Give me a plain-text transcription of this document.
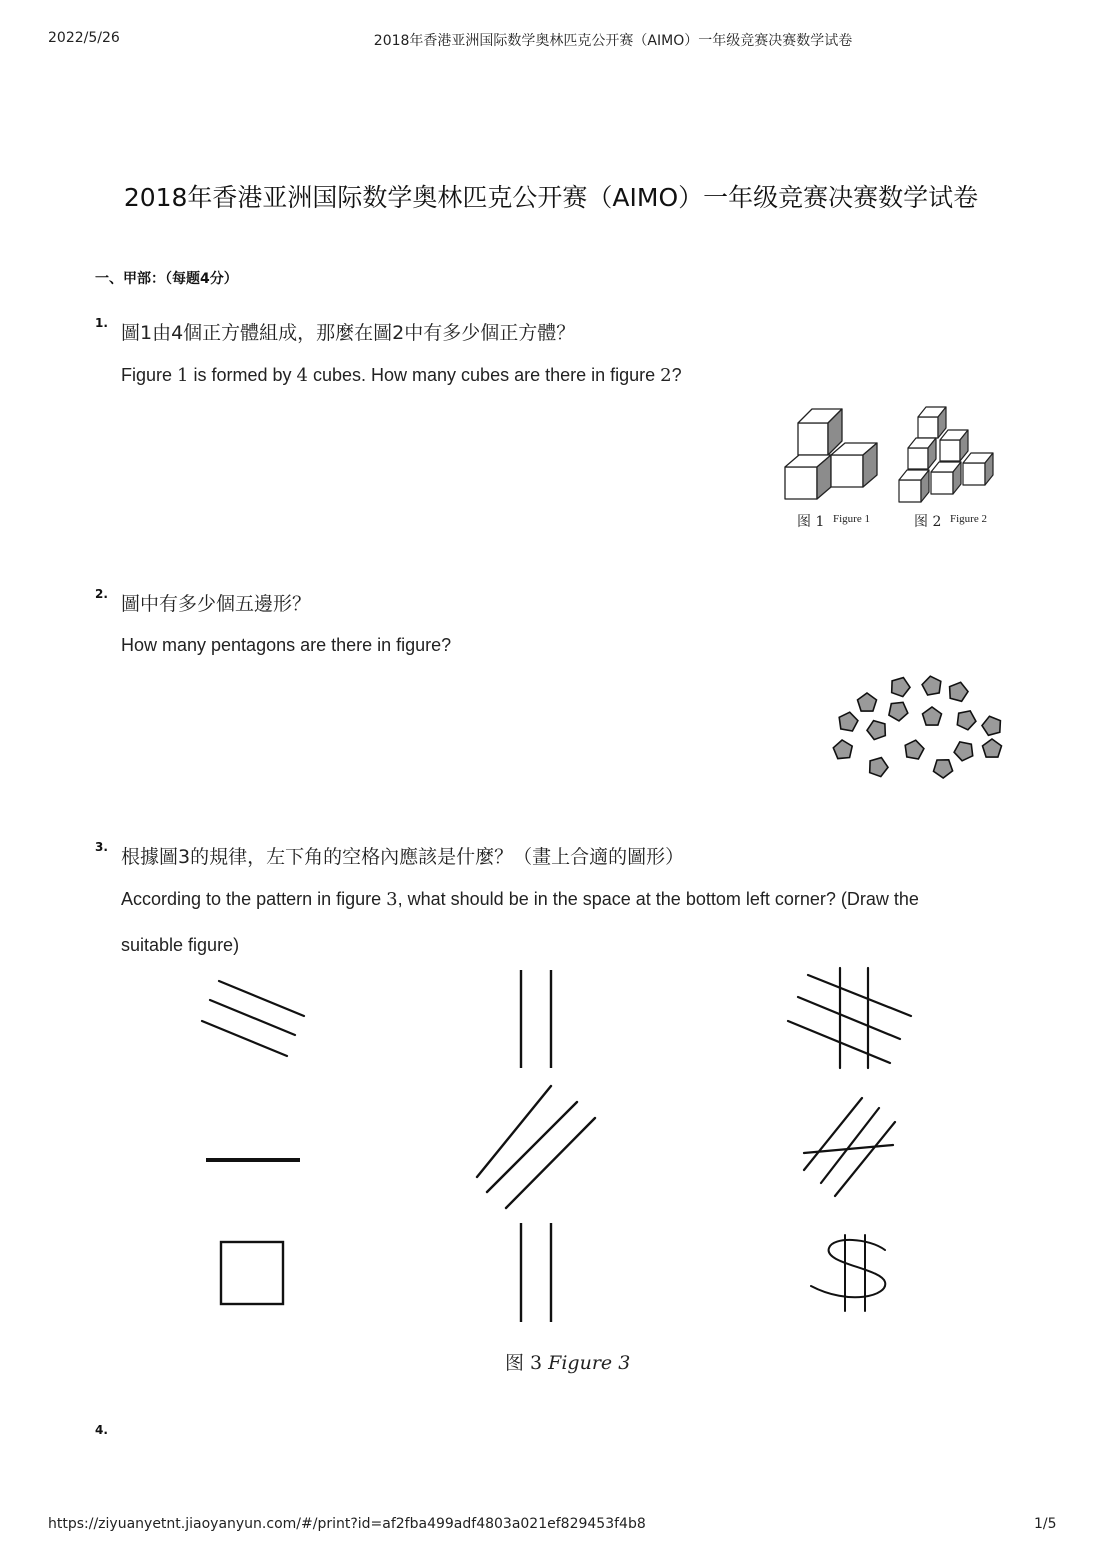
2022/5/26	2018年香港亚洲国际数学奥林匹克公开赛（AIMO）一年级竞赛决赛数学试卷
2018年香港亚洲国际数学奥林匹克公开赛（AIMO）一年级竞赛决赛数学试卷
一、甲部：（每题4分）
1. 圖1由4個正方體組成，那麼在圖2中有多少個正方體？
Figure 1 is formed by 4 cubes. How many cubes are there in figure 2?
图 1 Figure 1	图 2 Figure 2
2. 圖中有多少個五邊形？
How many pentagons are there in figure?
3. 根據圖3的規律，左下角的空格內應該是什麼？（畫上合適的圖形）
According to the pattern in figure 3, what should be in the space at the bottom left corner? (Draw the
suitable figure)
图 3 Figure 3
4.
https://ziyuanyetnt.jiaoyanyun.com/#/print?id=af2fba499adf4803a021ef829453f4b8	1/5
